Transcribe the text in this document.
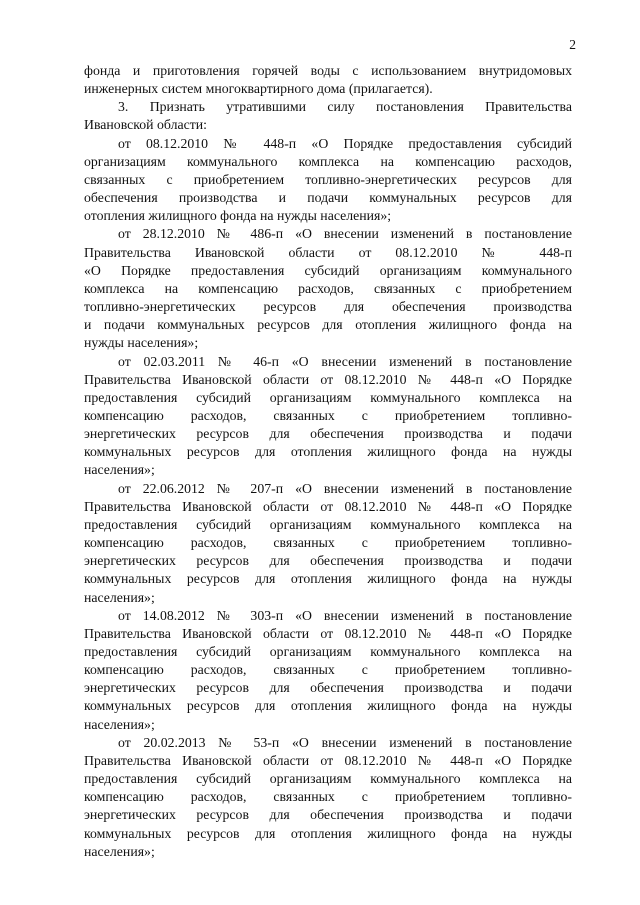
2
фонда и приготовления горячей воды с использованием внутридомовых
инженерных систем многоквартирного дома (прилагается).
3. Признать утратившими силу постановления Правительства
Ивановской области:
от 08.12.2010 № 448-п «О Порядке предоставления субсидий
организациям коммунального комплекса на компенсацию расходов,
связанных с приобретением топливно-энергетических ресурсов для
обеспечения производства и подачи коммунальных ресурсов для
отопления жилищного фонда на нужды населения»;
от 28.12.2010 № 486-п «О внесении изменений в постановление
Правительства Ивановской области от 08.12.2010 № 448-п
«О Порядке предоставления субсидий организациям коммунального
комплекса на компенсацию расходов, связанных с приобретением
топливно-энергетических ресурсов для обеспечения производства
и подачи коммунальных ресурсов для отопления жилищного фонда на
нужды населения»;
от 02.03.2011 № 46-п «О внесении изменений в постановление
Правительства Ивановской области от 08.12.2010 № 448-п «О Порядке
предоставления субсидий организациям коммунального комплекса на
компенсацию расходов, связанных с приобретением топливно-
энергетических ресурсов для обеспечения производства и подачи
коммунальных ресурсов для отопления жилищного фонда на нужды
населения»;
от 22.06.2012 № 207-п «О внесении изменений в постановление
Правительства Ивановской области от 08.12.2010 № 448-п «О Порядке
предоставления субсидий организациям коммунального комплекса на
компенсацию расходов, связанных с приобретением топливно-
энергетических ресурсов для обеспечения производства и подачи
коммунальных ресурсов для отопления жилищного фонда на нужды
населения»;
от 14.08.2012 № 303-п «О внесении изменений в постановление
Правительства Ивановской области от 08.12.2010 № 448-п «О Порядке
предоставления субсидий организациям коммунального комплекса на
компенсацию расходов, связанных с приобретением топливно-
энергетических ресурсов для обеспечения производства и подачи
коммунальных ресурсов для отопления жилищного фонда на нужды
населения»;
от 20.02.2013 № 53-п «О внесении изменений в постановление
Правительства Ивановской области от 08.12.2010 № 448-п «О Порядке
предоставления субсидий организациям коммунального комплекса на
компенсацию расходов, связанных с приобретением топливно-
энергетических ресурсов для обеспечения производства и подачи
коммунальных ресурсов для отопления жилищного фонда на нужды
населения»;
